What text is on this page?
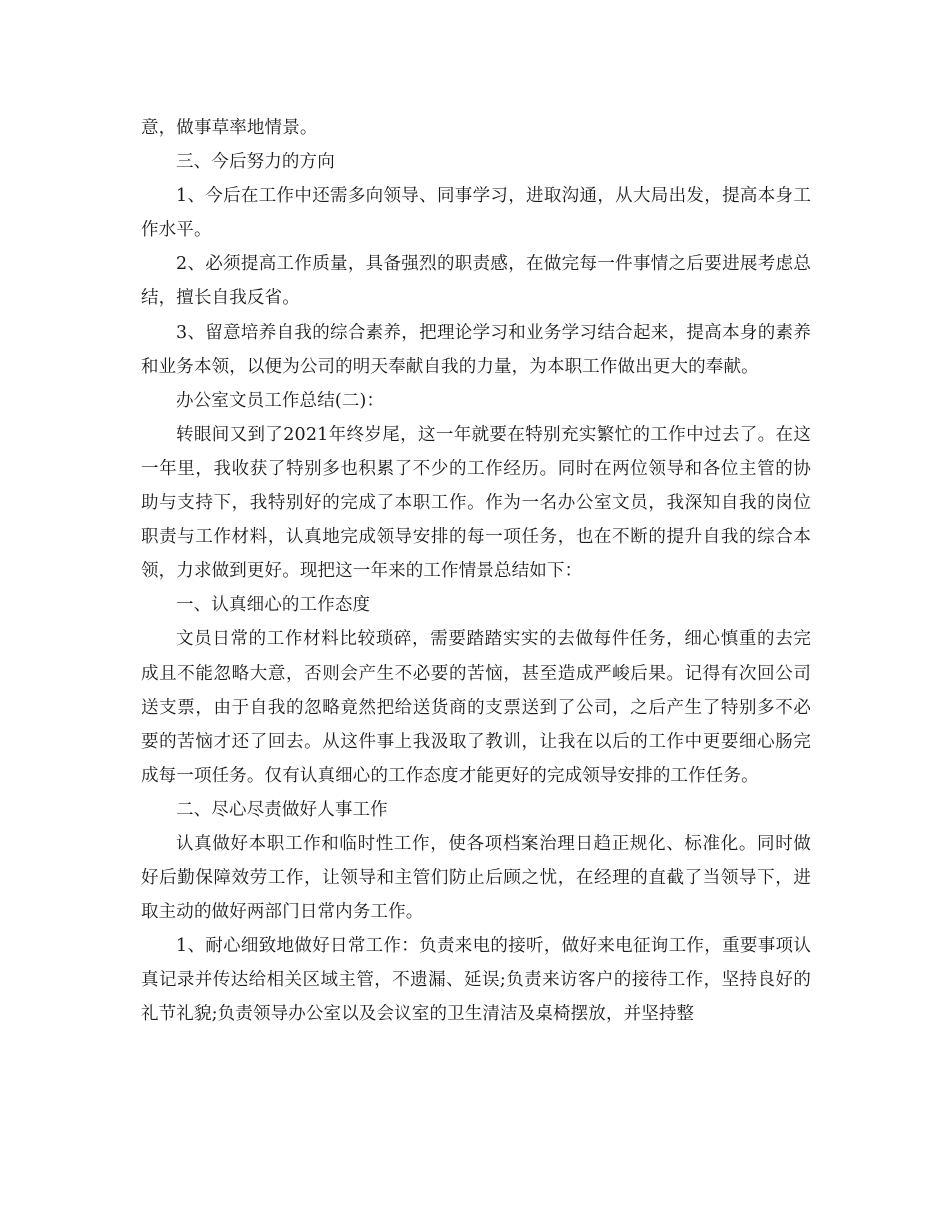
意，做事草率地情景。

三、今后努力的方向

1、今后在工作中还需多向领导、同事学习，进取沟通，从大局出发，提高本身工作水平。

2、必须提高工作质量，具备强烈的职责感，在做完每一件事情之后要进展考虑总结，擅长自我反省。

3、留意培养自我的综合素养，把理论学习和业务学习结合起来，提高本身的素养和业务本领，以便为公司的明天奉献自我的力量，为本职工作做出更大的奉献。

办公室文员工作总结(二)：

转眼间又到了2021年终岁尾，这一年就要在特别充实繁忙的工作中过去了。在这一年里，我收获了特别多也积累了不少的工作经历。同时在两位领导和各位主管的协助与支持下，我特别好的完成了本职工作。作为一名办公室文员，我深知自我的岗位职责与工作材料，认真地完成领导安排的每一项任务，也在不断的提升自我的综合本领，力求做到更好。现把这一年来的工作情景总结如下：

一、认真细心的工作态度

文员日常的工作材料比较琐碎，需要踏踏实实的去做每件任务，细心慎重的去完成且不能忽略大意，否则会产生不必要的苦恼，甚至造成严峻后果。记得有次回公司送支票，由于自我的忽略竟然把给送货商的支票送到了公司，之后产生了特别多不必要的苦恼才还了回去。从这件事上我汲取了教训，让我在以后的工作中更要细心肠完成每一项任务。仅有认真细心的工作态度才能更好的完成领导安排的工作任务。

二、尽心尽责做好人事工作

认真做好本职工作和临时性工作，使各项档案治理日趋正规化、标准化。同时做好后勤保障效劳工作，让领导和主管们防止后顾之忧，在经理的直截了当领导下，进取主动的做好两部门日常内务工作。

1、耐心细致地做好日常工作：负责来电的接听，做好来电征询工作，重要事项认真记录并传达给相关区域主管，不遗漏、延误;负责来访客户的接待工作，坚持良好的礼节礼貌;负责领导办公室以及会议室的卫生清洁及桌椅摆放，并坚持整
